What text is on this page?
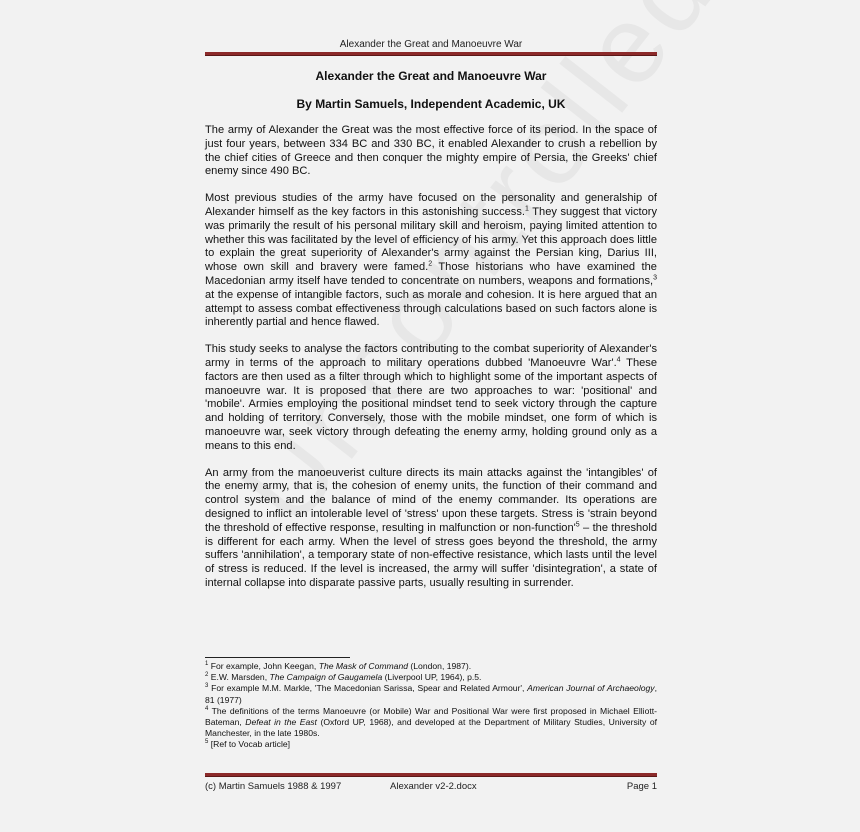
Alexander the Great and Manoeuvre War
Alexander the Great and Manoeuvre War
By Martin Samuels, Independent Academic, UK

The army of Alexander the Great was the most effective force of its period. In the space of just four years, between 334 BC and 330 BC, it enabled Alexander to crush a rebellion by the chief cities of Greece and then conquer the mighty empire of Persia, the Greeks' chief enemy since 490 BC.

Most previous studies of the army have focused on the personality and generalship of Alexander himself as the key factors in this astonishing success.$^1$ They suggest that victory was primarily the result of his personal military skill and heroism, paying limited attention to whether this was facilitated by the level of efficiency of his army. Yet this approach does little to explain the great superiority of Alexander's army against the Persian king, Darius III, whose own skill and bravery were famed.$^2$ Those historians who have examined the Macedonian army itself have tended to concentrate on numbers, weapons and formations,$^3$ at the expense of intangible factors, such as morale and cohesion. It is here argued that an attempt to assess combat effectiveness through calculations based on such factors alone is inherently partial and hence flawed.

This study seeks to analyse the factors contributing to the combat superiority of Alexander's army in terms of the approach to military operations dubbed 'Manoeuvre War'.$^4$ These factors are then used as a filter through which to highlight some of the important aspects of manoeuvre war. It is proposed that there are two approaches to war: 'positional' and 'mobile'. Armies employing the positional mindset tend to seek victory through the capture and holding of territory. Conversely, those with the mobile mindset, one form of which is manoeuvre war, seek victory through defeating the enemy army, holding ground only as a means to this end.

An army from the manoeuverist culture directs its main attacks against the 'intangibles' of the enemy army, that is, the cohesion of enemy units, the function of their command and control system and the balance of mind of the enemy commander. Its operations are designed to inflict an intolerable level of 'stress' upon these targets. Stress is 'strain beyond the threshold of effective response, resulting in malfunction or non-$function'^5$ – the threshold is different for each army. When the level of stress goes beyond the threshold, the army suffers 'annihilation', a temporary state of non-effective resistance, which lasts until the level of stress is reduced. If the level is increased, the army will suffer 'disintegration', a state of internal collapse into disparate passive parts, usually resulting in surrender.

$^1$ For example, John Keegan, The Mask of Command (London, 1987).
$^2$ E.W. Marsden, The Campaign of Gaugamela (Liverpool UP, 1964), p.5.
$^3$ For example M.M. Markle, 'The Macedonian Sarissa, Spear and Related Armour', American Journal of Archaeology, 81 (1977)
$^4$ The definitions of the terms Manoeuvre (or Mobile) War and Positional War were first proposed in Michael Elliott-Bateman, Defeat in the East (Oxford UP, 1968), and developed at the Department of Military Studies, University of Manchester, in the late 1980s.
$^5$ [Ref to Vocab article]
(c) Martin Samuels 1988 & 1997	Alexander v2-2.docx	Page 1
